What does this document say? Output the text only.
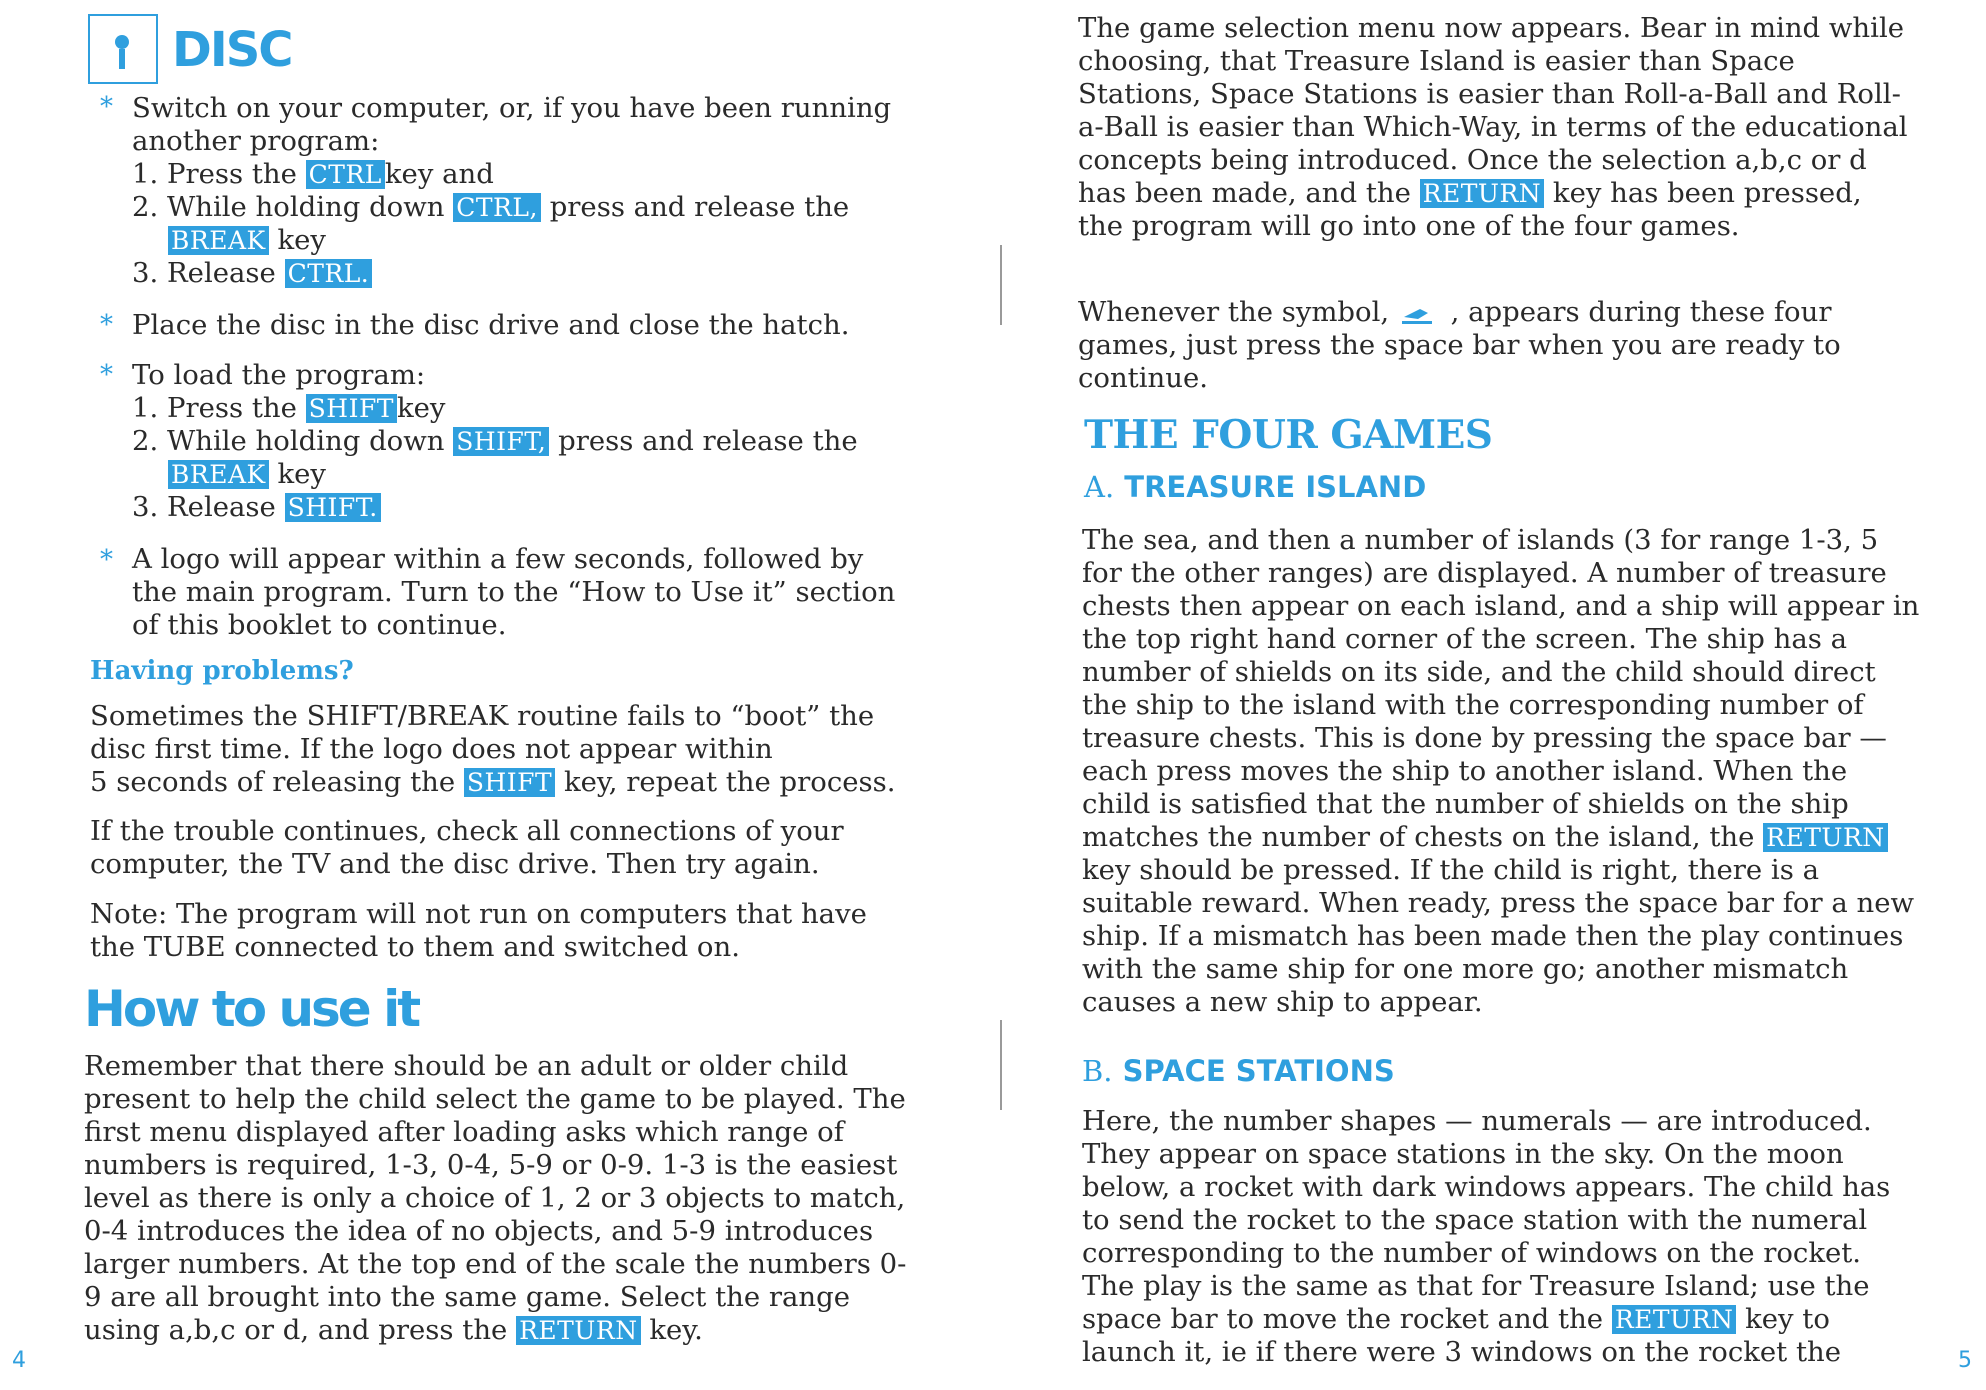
DISC
* Switch on your computer, or, if you have been running another program:

1. Press the CTRL key and

2. While holding down CTRL, press and release the

BREAK key

3. Release CTRL.

* Place the disc in the disc drive and close the hatch.

* To load the program:

1. Press the SHIFT key

2. While holding down SHIFT, press and release the

BREAK key

3. Release SHIFT.

* A logo will appear within a few seconds, followed by the main program. Turn to the “How to Use it” section of this booklet to continue.

Having problems?

Sometimes the SHIFT/BREAK routine fails to “boot” the disc first time. If the logo does not appear within

5 seconds of releasing the SHIFT key, repeat the process.

If the trouble continues, check all connections of your computer, the TV and the disc drive. Then try again.

Note: The program will not run on computers that have the TUBE connected to them and switched on.

How to use it

Remember that there should be an adult or older child present to help the child select the game to be played. The first menu displayed after loading asks which range of numbers is required, 1-3, 0-4, 5-9 or 0-9. 1-3 is the easiest level as there is only a choice of 1, 2 or 3 objects to match, 0-4 introduces the idea of no objects, and 5-9 introduces larger numbers. At the top end of the scale the numbers 0-9 are all brought into the same game. Select the range using a,b,c or d, and press the RETURN key.

4

The game selection menu now appears. Bear in mind while choosing, that Treasure Island is easier than Space Stations, Space Stations is easier than Roll-a-Ball and Roll-a-Ball is easier than Which-Way, in terms of the educational concepts being introduced. Once the selection a,b,c or d has been made, and the RETURN key has been pressed, the program will go into one of the four games.

Whenever the symbol, , appears during these four games, just press the space bar when you are ready to continue.

THE FOUR GAMES
A. TREASURE ISLAND

The sea, and then a number of islands (3 for range 1-3, 5 for the other ranges) are displayed. A number of treasure chests then appear on each island, and a ship will appear in the top right hand corner of the screen. The ship has a number of shields on its side, and the child should direct the ship to the island with the corresponding number of treasure chests. This is done by pressing the space bar — each press moves the ship to another island. When the child is satisfied that the number of shields on the ship matches the number of chests on the island, the RETURN key should be pressed. If the child is right, there is a suitable reward. When ready, press the space bar for a new ship. If a mismatch has been made then the play continues with the same ship for one more go; another mismatch causes a new ship to appear.

B. SPACE STATIONS

Here, the number shapes — numerals — are introduced. They appear on space stations in the sky. On the moon below, a rocket with dark windows appears. The child has to send the rocket to the space station with the numeral corresponding to the number of windows on the rocket. The play is the same as that for Treasure Island; use the space bar to move the rocket and the RETURN key to launch it, ie if there were 3 windows on the rocket the	5
